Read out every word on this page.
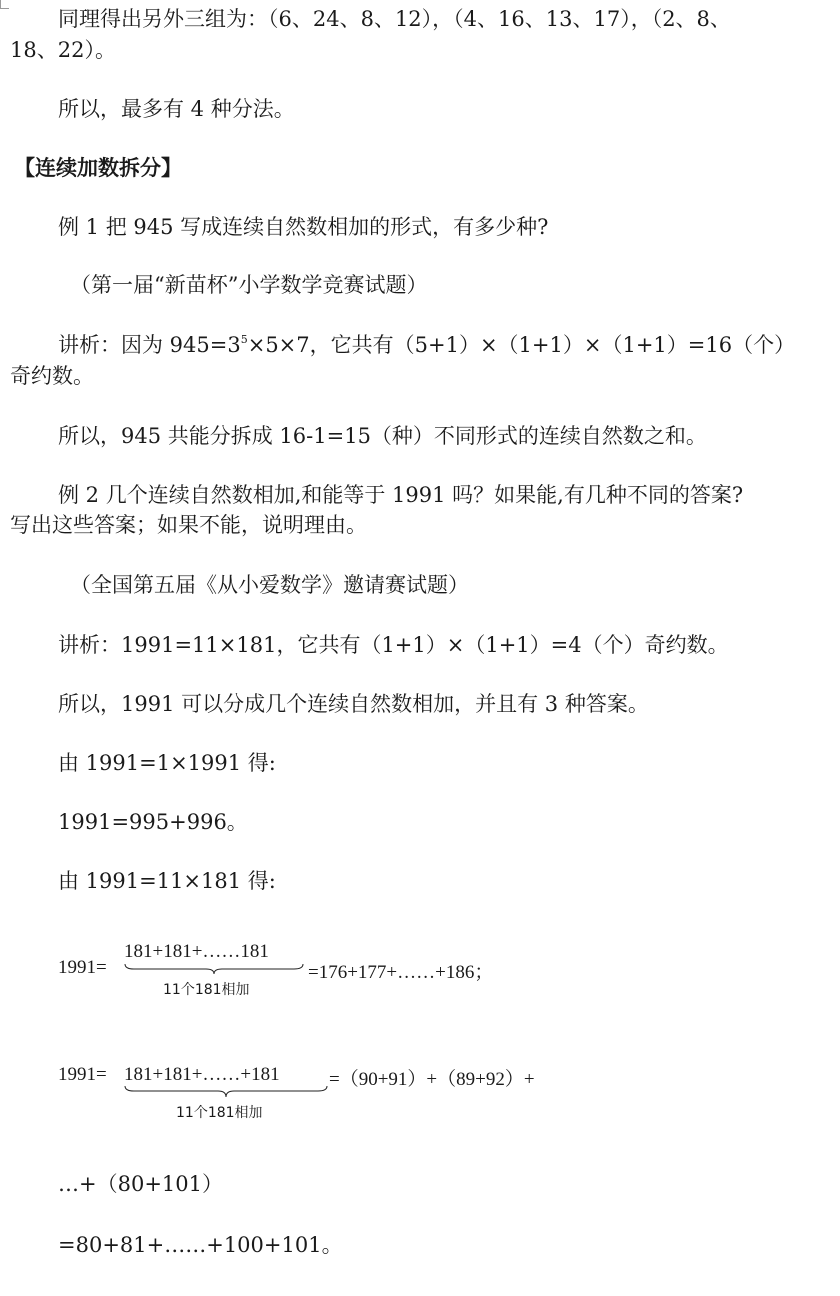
同理得出另外三组为：（6、24、8、12），（4、16、13、17），（2、8、
18、22）。
所以，最多有 4 种分法。
【连续加数拆分】
例 1 把 945 写成连续自然数相加的形式，有多少种?
（第一届“新苗杯”小学数学竞赛试题）
讲析：因为 $945=3^5\times 5\times 7$，它共有（5+1）×（1+1）×（1+1）=16（个）
奇约数。
所以，945 共能分拆成 16-1=15（种）不同形式的连续自然数之和。
例 2 几个连续自然数相加,和能等于 1991 吗？如果能,有几种不同的答案?
写出这些答案；如果不能，说明理由。
（全国第五届《从小爱数学》邀请赛试题）
讲析：1991=11×181，它共有（1+1）×（1+1）=4（个）奇约数。
所以，1991 可以分成几个连续自然数相加，并且有 3 种答案。
由 1991=1×1991 得:
1991=995+996。
由 1991=11×181 得:
1991=
181+181+……181
11个181相加
=176+177+……+186；
1991= 181+181+……+181
11个181相加
=（90+91）+（89+92）+
…+（80+101）
=80+81+……+100+101。
